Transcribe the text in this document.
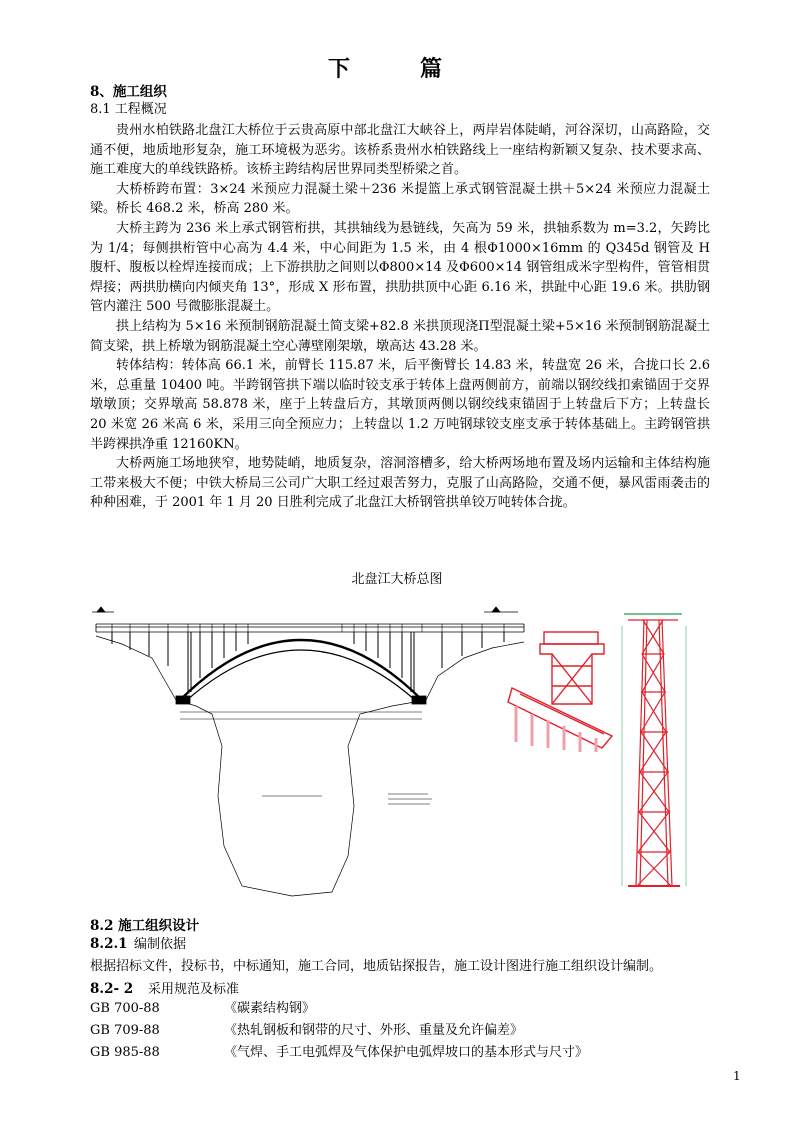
下　篇
8、施工组织
8.1 工程概况

贵州水柏铁路北盘江大桥位于云贵高原中部北盘江大峡谷上，两岸岩体陡峭，河谷深切，山高路险，交通不便，地质地形复杂，施工环境极为恶劣。该桥系贵州水柏铁路线上一座结构新颖又复杂、技术要求高、施工难度大的单线铁路桥。该桥主跨结构居世界同类型桥梁之首。

大桥桥跨布置：3×24 米预应力混凝土梁＋236 米提篮上承式钢管混凝土拱＋5×24 米预应力混凝土梁。桥长 468.2 米，桥高 280 米。

大桥主跨为 236 米上承式钢管桁拱，其拱轴线为悬链线，矢高为 59 米，拱轴系数为 m=3.2，矢跨比为 1/4；每侧拱桁管中心高为 4.4 米，中心间距为 1.5 米，由 4 根Φ1000×16mm 的 Q345d 钢管及 H 腹杆、腹板以栓焊连接而成；上下游拱肋之间则以Φ800×14 及Φ600×14 钢管组成米字型构件，管管相贯焊接；两拱肋横向内倾夹角 13°，形成 X 形布置，拱肋拱顶中心距 6.16 米，拱趾中心距 19.6 米。拱肋钢管内灌注 500 号微膨胀混凝土。

拱上结构为 5×16 米预制钢筋混凝土简支梁+82.8 米拱顶现浇Π型混凝土梁+5×16 米预制钢筋混凝土简支梁，拱上桥墩为钢筋混凝土空心薄壁刚架墩，墩高达 43.28 米。

转体结构：转体高 66.1 米，前臂长 115.87 米，后平衡臂长 14.83 米，转盘宽 26 米，合拢口长 2.6 米，总重量 10400 吨。半跨钢管拱下端以临时铰支承于转体上盘两侧前方，前端以钢绞线扣索锚固于交界墩墩顶；交界墩高 58.878 米，座于上转盘后方，其墩顶两侧以钢绞线束锚固于上转盘后下方；上转盘长 20 米宽 26 米高 6 米，采用三向全预应力；上转盘以 1.2 万吨钢球铰支座支承于转体基础上。主跨钢管拱半跨裸拱净重 12160KN。

大桥两施工场地狭窄，地势陡峭，地质复杂，溶洞溶槽多，给大桥两场地布置及场内运输和主体结构施工带来极大不便；中铁大桥局三公司广大职工经过艰苦努力，克服了山高路险，交通不便，暴风雷雨袭击的种种困难，于 2001 年 1 月 20 日胜利完成了北盘江大桥钢管拱单铰万吨转体合拢。

北盘江大桥总图
8.2 施工组织设计
8.2.1 编制依据
根据招标文件，投标书，中标通知，施工合同，地质钻探报告，施工设计图进行施工组织设计编制。
8.2- 2 采用规范及标准
GB 700-88	《碳素结构钢》
GB 709-88	《热轧钢板和钢带的尺寸、外形、重量及允许偏差》
GB 985-88	《气焊、手工电弧焊及气体保护电弧焊坡口的基本形式与尺寸》
1
